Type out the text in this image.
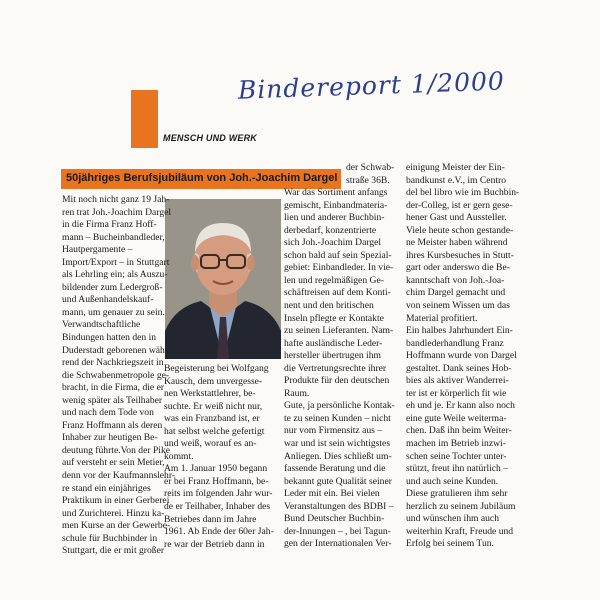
Bindereport 1/2000
MENSCH UND WERK
50jähriges Berufsjubiläum von Joh.-Joachim Dargel
Mit noch nicht ganz 19 Jah-
ren trat Joh.-Joachim Dargel
in die Firma Franz Hoff-
mann – Bucheinbandleder,
Hautpergamente –
Import/Export – in Stuttgart
als Lehrling ein; als Auszu-
bildender zum Ledergroß-
und Außenhandelskauf-
mann, um genauer zu sein.
Verwandtschaftliche
Bindungen hatten den in
Duderstadt geborenen wäh-
rend der Nachkriegszeit in
die Schwabenmetropole ge-
bracht, in die Firma, die er
wenig später als Teilhaber
und nach dem Tode von
Franz Hoffmann als deren
Inhaber zur heutigen Be-
deutung führte.Von der Pike
auf versteht er sein Metier,
denn vor der Kaufmannslehr-
re stand ein einjähriges
Praktikum in einer Gerberei
und Zurichterei. Hinzu ka-
men Kurse an der Gewerbe-
schule für Buchbinder in
Stuttgart, die er mit großer
Begeisterung bei Wolfgang
Kausch, dem unvergesse-
nen Werkstattlehrer, be-
suchte. Er weiß nicht nur,
was ein Franzband ist, er
hat selbst welche gefertigt
und weiß, worauf es an-
kommt.
Am 1. Januar 1950 begann
er bei Franz Hoffmann, be-
reits im folgenden Jahr wur-
de er Teilhaber, Inhaber des
Betriebes dann im Jahre
1961. Ab Ende der 60er Jah-
re war der Betrieb dann in
der Schwab-
straße 36B.
War das Sortiment anfangs
gemischt, Einbandmateria-
lien und anderer Buchbin-
derbedarf, konzentrierte
sich Joh.-Joachim Dargel
schon bald auf sein Spezial-
gebiet: Einbandleder. In vie-
len und regelmäßigen Ge-
schäftreisen auf dem Konti-
nent und den britischen
Inseln pflegte er Kontakte
zu seinen Lieferanten. Nam-
hafte ausländische Leder-
hersteller übertrugen ihm
die Vertretungsrechte ihrer
Produkte für den deutschen
Raum.
Gute, ja persönliche Kontak-
te zu seinen Kunden – nicht
nur vom Firmensitz aus –
war und ist sein wichtigstes
Anliegen. Dies schließt um-
fassende Beratung und die
bekannt gute Qualität seiner
Leder mit ein. Bei vielen
Veranstaltungen des BDBI –
Bund Deutscher Buchbin-
der-Innungen – , bei Tagun-
gen der Internationalen Ver-
einigung Meister der Ein-
bandkunst e.V., im Centro
del bel libro wie im Buchbin-
der-Colleg, ist er gern gese-
hener Gast und Aussteller.
Viele heute schon gestande-
ne Meister haben während
ihres Kursbesuches in Stutt-
gart oder anderswo die Be-
kanntschaft von Joh.-Joa-
chim Dargel gemacht und
von seinem Wissen um das
Material profitiert.
Ein halbes Jahrhundert Ein-
bandlederhandlung Franz
Hoffmann wurde von Dargel
gestaltet. Dank seines Hob-
bies als aktiver Wanderrei-
ter ist er körperlich fit wie
eh und je. Er kann also noch
eine gute Weile weiterma-
chen. Daß ihn beim Weiter-
machen im Betrieb inzwi-
schen seine Tochter unter-
stützt, freut ihn natürlich –
und auch seine Kunden.
Diese gratulieren ihm sehr
herzlich zu seinem Jubiläum
und wünschen ihm auch
weiterhin Kraft, Freude und
Erfolg bei seinem Tun.
